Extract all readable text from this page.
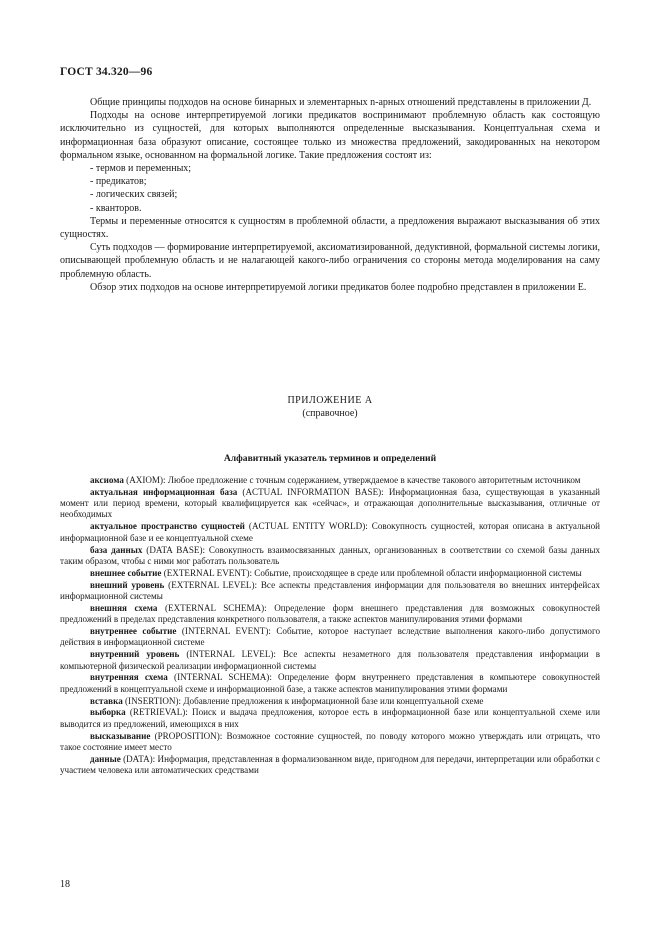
ГОСТ 34.320—96

Общие принципы подходов на основе бинарных и элементарных n-арных отношений представлены в приложении Д.

Подходы на основе интерпретируемой логики предикатов воспринимают проблемную область как состоящую исключительно из сущностей, для которых выполняются определенные высказывания. Концептуальная схема и информационная база образуют описание, состоящее только из множества предложений, закодированных на некотором формальном языке, основанном на формальной логике. Такие предложения состоят из:

- термов и переменных;

- предикатов;

- логических связей;

- кванторов.

Термы и переменные относятся к сущностям в проблемной области, а предложения выражают высказывания об этих сущностях.

Суть подходов — формирование интерпретируемой, аксиоматизированной, дедуктивной, формальной системы логики, описывающей проблемную область и не налагающей какого-либо ограничения со стороны метода моделирования на саму проблемную область.

Обзор этих подходов на основе интерпретируемой логики предикатов более подробно представлен в приложении Е.

ПРИЛОЖЕНИЕ А
(справочное)
Алфавитный указатель терминов и определений

аксиома (AXIOM): Любое предложение с точным содержанием, утверждаемое в качестве такового авторитетным источником

актуальная информационная база (ACTUAL INFORMATION BASE): Информационная база, существующая в указанный момент или период времени, который квалифицируется как «сейчас», и отражающая дополнительные высказывания, отличные от необходимых

актуальное пространство сущностей (ACTUAL ENTITY WORLD): Совокупность сущностей, которая описана в актуальной информационной базе и ее концептуальной схеме

база данных (DATA BASE): Совокупность взаимосвязанных данных, организованных в соответствии со схемой базы данных таким образом, чтобы с ними мог работать пользователь

внешнее событие (EXTERNAL EVENT): Событие, происходящее в среде или проблемной области информационной системы

внешний уровень (EXTERNAL LEVEL): Все аспекты представления информации для пользователя во внешних интерфейсах информационной системы

внешняя схема (EXTERNAL SCHEMA): Определение форм внешнего представления для возможных совокупностей предложений в пределах представления конкретного пользователя, а также аспектов манипулирования этими формами

внутреннее событие (INTERNAL EVENT): Событие, которое наступает вследствие выполнения какого-либо допустимого действия в информационной системе

внутренний уровень (INTERNAL LEVEL): Все аспекты незаметного для пользователя представления информации в компьютерной физической реализации информационной системы

внутренняя схема (INTERNAL SCHEMA): Определение форм внутреннего представления в компьютере совокупностей предложений в концептуальной схеме и информационной базе, а также аспектов манипулирования этими формами

вставка (INSERTION): Добавление предложения к информационной базе или концептуальной схеме

выборка (RETRIEVAL): Поиск и выдача предложения, которое есть в информационной базе или концептуальной схеме или выводится из предложений, имеющихся в них

высказывание (PROPOSITION): Возможное состояние сущностей, по поводу которого можно утверждать или отрицать, что такое состояние имеет место

данные (DATA): Информация, представленная в формализованном виде, пригодном для передачи, интерпретации или обработки с участием человека или автоматических средствами

18
